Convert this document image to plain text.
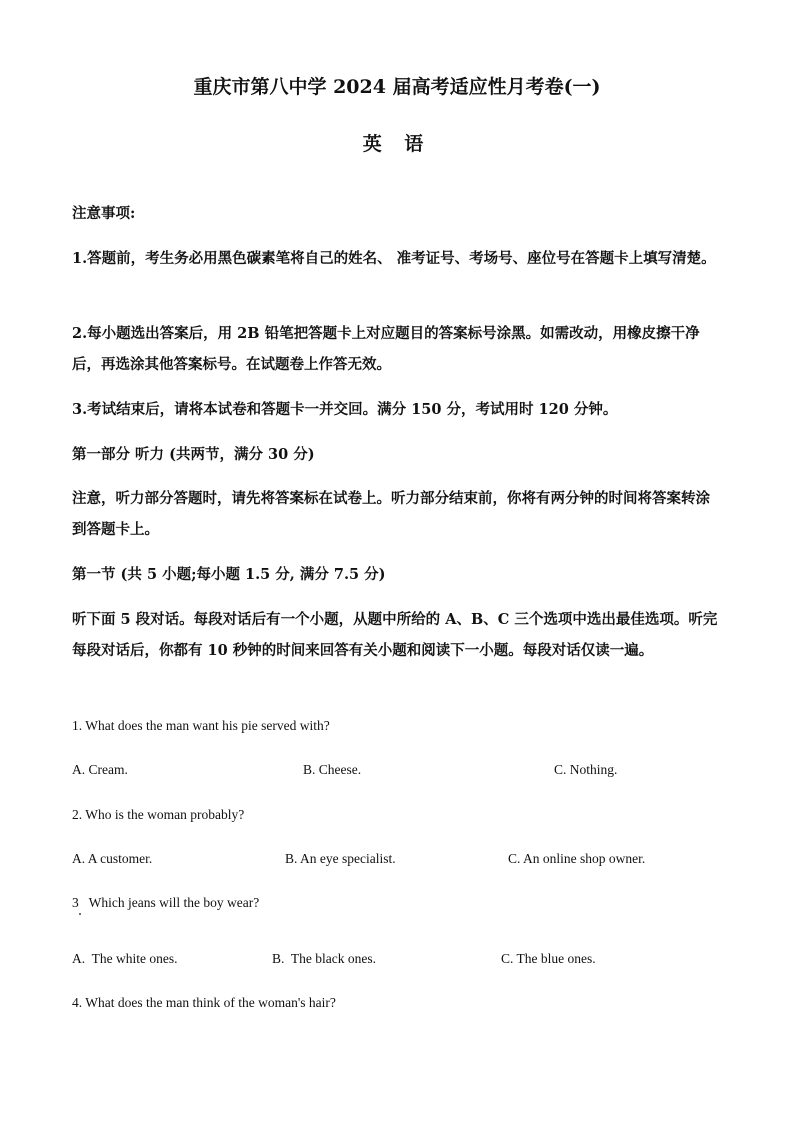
重庆市第八中学 2024 届高考适应性月考卷(一)
英 语

注意事项:

1.答题前，考生务必用黑色碳素笔将自己的姓名、 准考证号、考场号、座位号在答题卡上填写清楚。

2.每小题选出答案后，用 2B 铅笔把答题卡上对应题目的答案标号涂黑。如需改动，用橡皮擦干净后，再选涂其他答案标号。在试题卷上作答无效。

3.考试结束后，请将本试卷和答题卡一并交回。满分 150 分，考试用时 120 分钟。

第一部分 听力 (共两节，满分 30 分)

注意，听力部分答题时，请先将答案标在试卷上。听力部分结束前，你将有两分钟的时间将答案转涂到答题卡上。

第一节 (共 5 小题;每小题 1.5 分, 满分 7.5 分)

听下面 5 段对话。每段对话后有一个小题，从题中所给的 A、B、C 三个选项中选出最佳选项。听完每段对话后，你都有 10 秒钟的时间来回答有关小题和阅读下一小题。每段对话仅读一遍。

1. What does the man want his pie served with?

A. Cream.	B. Cheese.	C. Nothing.

2. Who is the woman probably?

A. A customer.	B. An eye specialist.	C. An online shop owner.

3   Which jeans will the boy wear?

A.  The white ones.	B.  The black ones.	C. The blue ones.

4. What does the man think of the woman's hair?
